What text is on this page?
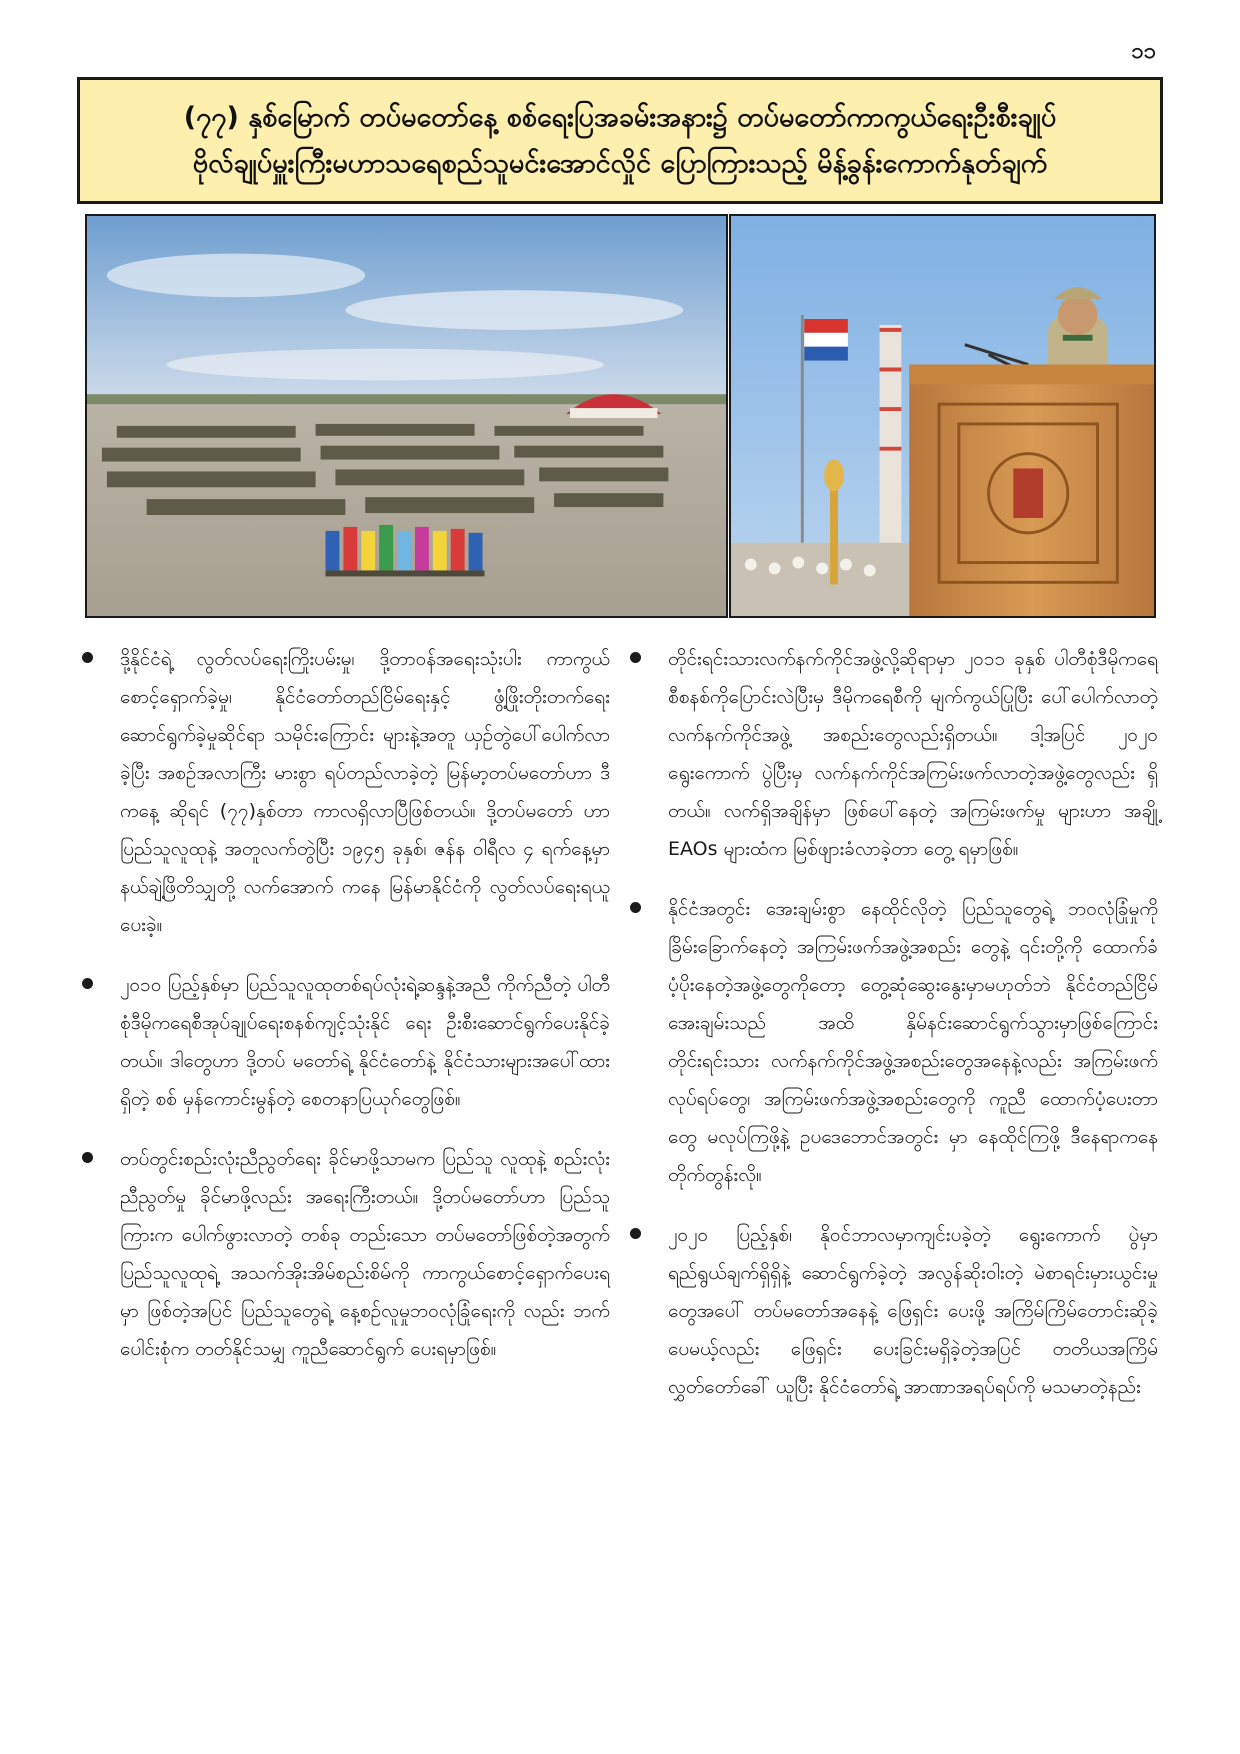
၁၁
(၇၇) နှစ်မြောက် တပ်မတော်နေ့ စစ်ရေးပြအခမ်းအနား၌ တပ်မတော်ကာကွယ်ရေးဦးစီးချုပ်
ဗိုလ်ချုပ်မှူးကြီးမဟာသရေစည်သူမင်းအောင်လှိုင် ပြောကြားသည့် မိန့်ခွန်းကောက်နုတ်ချက်
ဒို့နိုင်ငံရဲ့ လွတ်လပ်ရေးကြိုးပမ်းမှု၊ ဒို့တာဝန်အရေးသုံးပါး ကာကွယ်စောင့်ရှောက်ခဲ့မှု၊ နိုင်ငံတော်တည်ငြိမ်ရေးနှင့် ဖွံ့ဖြိုးတိုးတက်ရေးဆောင်ရွက်ခဲ့မှုဆိုင်ရာ သမိုင်းကြောင်း များနဲ့အတူ ယှဉ်တွဲပေါ်ပေါက်လာခဲ့ပြီး အစဉ်အလာကြီး မားစွာ ရပ်တည်လာခဲ့တဲ့ မြန်မာ့တပ်မတော်ဟာ ဒီကနေ့ ဆိုရင် (၇၇)နှစ်တာ ကာလရှိလာပြီဖြစ်တယ်။ ဒို့တပ်မတော် ဟာ ပြည်သူလူထုနဲ့ အတူလက်တွဲပြီး ၁၉၄၅ ခုနှစ်၊ ဇန်န ဝါရီလ ၄ ရက်နေ့မှာ နယ်ချဲ့ဖြိတိသျှတို့ လက်အောက် ကနေ မြန်မာနိုင်ငံကို လွတ်လပ်ရေးရယူပေးခဲ့။
၂၀၁၀ ပြည့်နှစ်မှာ ပြည်သူလူထုတစ်ရပ်လုံးရဲ့ဆန္ဒနဲ့အညီ ကိုက်ညီတဲ့ ပါတီစုံဒီမိုကရေစီအုပ်ချုပ်ရေးစနစ်ကျင့်သုံးနိုင် ရေး ဦးစီးဆောင်ရွက်ပေးနိုင်ခဲ့တယ်။ ဒါတွေဟာ ဒို့တပ် မတော်ရဲ့ နိုင်ငံတော်နဲ့ နိုင်ငံသားများအပေါ်ထားရှိတဲ့ စစ် မှန်ကောင်းမွန်တဲ့ စေတနာပြယုဂ်တွေဖြစ်။
တပ်တွင်းစည်းလုံးညီညွတ်ရေး ခိုင်မာဖို့သာမက ပြည်သူ လူထုနဲ့ စည်းလုံးညီညွတ်မှု ခိုင်မာဖို့လည်း အရေးကြီးတယ်။ ဒို့တပ်မတော်ဟာ ပြည်သူကြားက ပေါက်ဖွားလာတဲ့ တစ်ခု တည်းသော တပ်မတော်ဖြစ်တဲ့အတွက် ပြည်သူလူထုရဲ့ အသက်အိုးအိမ်စည်းစိမ်ကို ကာကွယ်စောင့်ရှောက်ပေးရမှာ ဖြစ်တဲ့အပြင် ပြည်သူတွေရဲ့ နေ့စဉ်လူမှုဘဝလုံခြုံရေးကို လည်း ဘက်ပေါင်းစုံက တတ်နိုင်သမျှ ကူညီဆောင်ရွက် ပေးရမှာဖြစ်။
တိုင်းရင်းသားလက်နက်ကိုင်အဖွဲ့လို့ဆိုရာမှာ ၂၀၁၁ ခုနှစ် ပါတီစုံဒီမိုကရေစီစနစ်ကိုပြောင်းလဲပြီးမှ ဒီမိုကရေစီကို မျက်ကွယ်ပြုပြီး ပေါ်ပေါက်လာတဲ့ လက်နက်ကိုင်အဖွဲ့ အစည်းတွေလည်းရှိတယ်။ ဒါ့အပြင် ၂၀၂၀ ရွေးကောက် ပွဲပြီးမှ လက်နက်ကိုင်အကြမ်းဖက်လာတဲ့အဖွဲ့တွေလည်း ရှိတယ်။ လက်ရှိအချိန်မှာ ဖြစ်ပေါ်နေတဲ့ အကြမ်းဖက်မှု များဟာ အချို့ EAOs များထံက မြစ်ဖျားခံလာခဲ့တာ တွေ့ ရမှာဖြစ်။
နိုင်ငံအတွင်း အေးချမ်းစွာ နေထိုင်လိုတဲ့ ပြည်သူတွေရဲ့ ဘဝလုံခြုံမှုကို ခြိမ်းခြောက်နေတဲ့ အကြမ်းဖက်အဖွဲ့အစည်း တွေနဲ့ ၎င်းတို့ကို ထောက်ခံပံ့ပိုးနေတဲ့အဖွဲ့တွေကိုတော့ တွေ့ဆုံဆွေးနွေးမှာမဟုတ်ဘဲ နိုင်ငံတည်ငြိမ်အေးချမ်းသည် အထိ နှိမ်နင်းဆောင်ရွက်သွားမှာဖြစ်ကြောင်း တိုင်းရင်းသား လက်နက်ကိုင်အဖွဲ့အစည်းတွေအနေနဲ့လည်း အကြမ်းဖက် လုပ်ရပ်တွေ၊ အကြမ်းဖက်အဖွဲ့အစည်းတွေကို ကူညီ ထောက်ပံ့ပေးတာတွေ မလုပ်ကြဖို့နဲ့ ဥပဒေဘောင်အတွင်း မှာ နေထိုင်ကြဖို့ ဒီနေရာကနေ တိုက်တွန်းလို။
၂၀၂၀ ပြည့်နှစ်၊ နိုဝင်ဘာလမှာကျင်းပခဲ့တဲ့ ရွေးကောက် ပွဲမှာ ရည်ရွယ်ချက်ရှိရှိနဲ့ ဆောင်ရွက်ခဲ့တဲ့ အလွန်ဆိုးဝါးတဲ့ မဲစာရင်းမှားယွင်းမှုတွေအပေါ် တပ်မတော်အနေနဲ့ ဖြေရှင်း ပေးဖို့ အကြိမ်ကြိမ်တောင်းဆိုခဲ့ပေမယ့်လည်း ဖြေရှင်း ပေးခြင်းမရှိခဲ့တဲ့အပြင် တတိယအကြိမ် လွှတ်တော်ခေါ် ယူပြီး နိုင်ငံတော်ရဲ့ အာဏာအရပ်ရပ်ကို မသမာတဲ့နည်း
